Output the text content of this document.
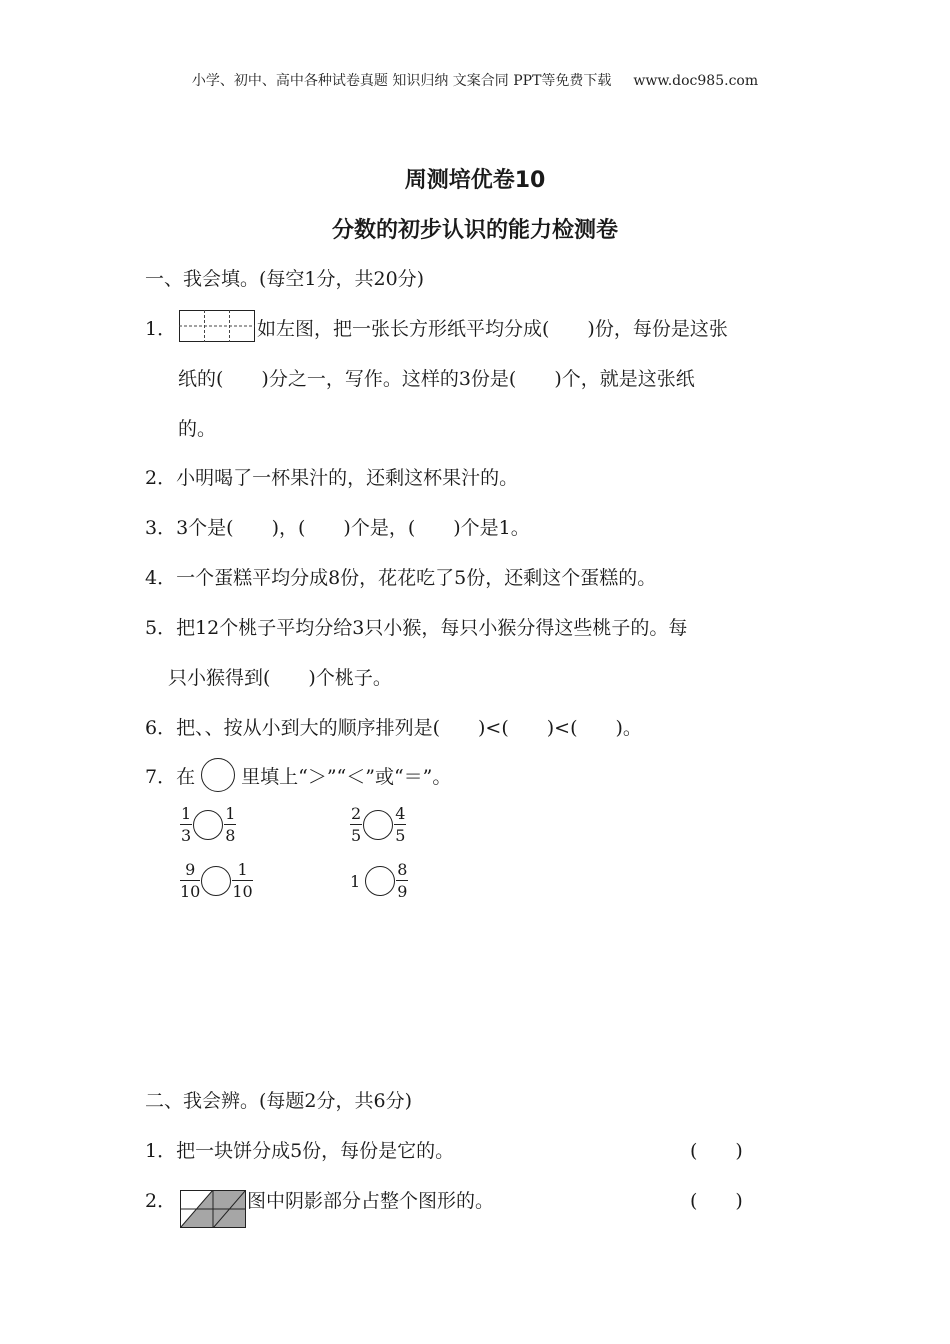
小学、初中、高中各种试卷真题 知识归纳 文案合同 PPT等免费下载 www.doc985.com
周测培优卷10
分数的初步认识的能力检测卷
一、我会填。(每空1分，共20分)
1．	如左图，把一张长方形纸平均分成(　　)份，每份是这张
纸的(　　)分之一，写作。这样的3份是(　　)个，就是这张纸
的。
2．小明喝了一杯果汁的，还剩这杯果汁的。
3．3个是(　　)，(　　)个是，(　　)个是1。
4．一个蛋糕平均分成8份，花花吃了5份，还剩这个蛋糕的。
5．把12个桃子平均分给3只小猴，每只小猴分得这些桃子的。每
只小猴得到(　　)个桃子。
6．把、、按从小到大的顺序排列是(　　)<(　　)<(　　)。
7． 在 里填上“＞”“＜”或“＝”。
$\frac{1}{3} \frac{1}{8}$	$\frac{2}{5} \frac{4}{5}$
$\frac{9}{10} \frac{1}{10}$	$1 \frac{8}{9}$
二、我会辨。(每题2分，共6分)
1．把一块饼分成5份，每份是它的。	(　　)
2．	图中阴影部分占整个图形的。	(　　)
